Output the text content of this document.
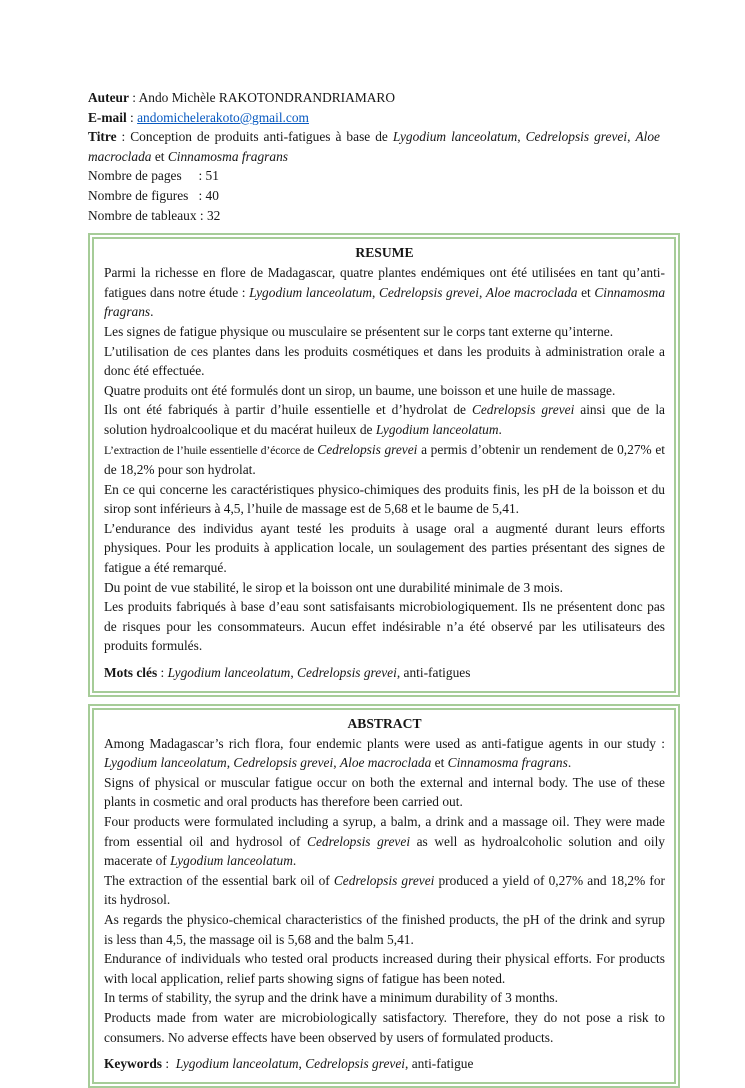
Auteur : Ando Michèle RAKOTONDRANDRIAMARO
E-mail : andomichelerakoto@gmail.com
Titre : Conception de produits anti-fatigues à base de Lygodium lanceolatum, Cedrelopsis grevei, Aloe macroclada et Cinnamosma fragrans
Nombre de pages     : 51
Nombre de figures   : 40
Nombre de tableaux : 32
RESUME
Parmi la richesse en flore de Madagascar, quatre plantes endémiques ont été utilisées en tant qu’anti-fatigues dans notre étude : Lygodium lanceolatum, Cedrelopsis grevei, Aloe macroclada et Cinnamosma fragrans.
Les signes de fatigue physique ou musculaire se présentent sur le corps tant externe qu’interne.
L’utilisation de ces plantes dans les produits cosmétiques et dans les produits à administration orale a donc été effectuée.
Quatre produits ont été formulés dont un sirop, un baume, une boisson et une huile de massage.
Ils ont été fabriqués à partir d’huile essentielle et d’hydrolat de Cedrelopsis grevei ainsi que de la solution hydroalcoolique et du macérat huileux de Lygodium lanceolatum.
L’extraction de l’huile essentielle d’écorce de Cedrelopsis grevei a permis d’obtenir un rendement de 0,27% et de 18,2% pour son hydrolat.
En ce qui concerne les caractéristiques physico-chimiques des produits finis, les pH de la boisson et du sirop sont inférieurs à 4,5, l’huile de massage est de 5,68 et le baume de 5,41.
L’endurance des individus ayant testé les produits à usage oral a augmenté durant leurs efforts physiques. Pour les produits à application locale, un soulagement des parties présentant des signes de fatigue a été remarqué.
Du point de vue stabilité, le sirop et la boisson ont une durabilité minimale de 3 mois.
Les produits fabriqués à base d’eau sont satisfaisants microbiologiquement. Ils ne présentent donc pas de risques pour les consommateurs. Aucun effet indésirable n’a été observé par les utilisateurs des produits formulés.
Mots clés : Lygodium lanceolatum, Cedrelopsis grevei, anti-fatigues
ABSTRACT
Among Madagascar’s rich flora, four endemic plants were used as anti-fatigue agents in our study : Lygodium lanceolatum, Cedrelopsis grevei, Aloe macroclada et Cinnamosma fragrans.
Signs of physical or muscular fatigue occur on both the external and internal body. The use of these plants in cosmetic and oral products has therefore been carried out.
Four products were formulated including a syrup, a balm, a drink and a massage oil. They were made from essential oil and hydrosol of Cedrelopsis grevei as well as hydroalcoholic solution and oily macerate of Lygodium lanceolatum.
The extraction of the essential bark oil of Cedrelopsis grevei produced a yield of 0,27% and 18,2% for its hydrosol.
As regards the physico-chemical characteristics of the finished products, the pH of the drink and syrup is less than 4,5, the massage oil is 5,68 and the balm 5,41.
Endurance of individuals who tested oral products increased during their physical efforts. For products with local application, relief parts showing signs of fatigue has been noted.
In terms of stability, the syrup and the drink have a minimum durability of 3 months.
Products made from water are microbiologically satisfactory. Therefore, they do not pose a risk to consumers. No adverse effects have been observed by users of formulated products.
Keywords :  Lygodium lanceolatum, Cedrelopsis grevei, anti-fatigue
